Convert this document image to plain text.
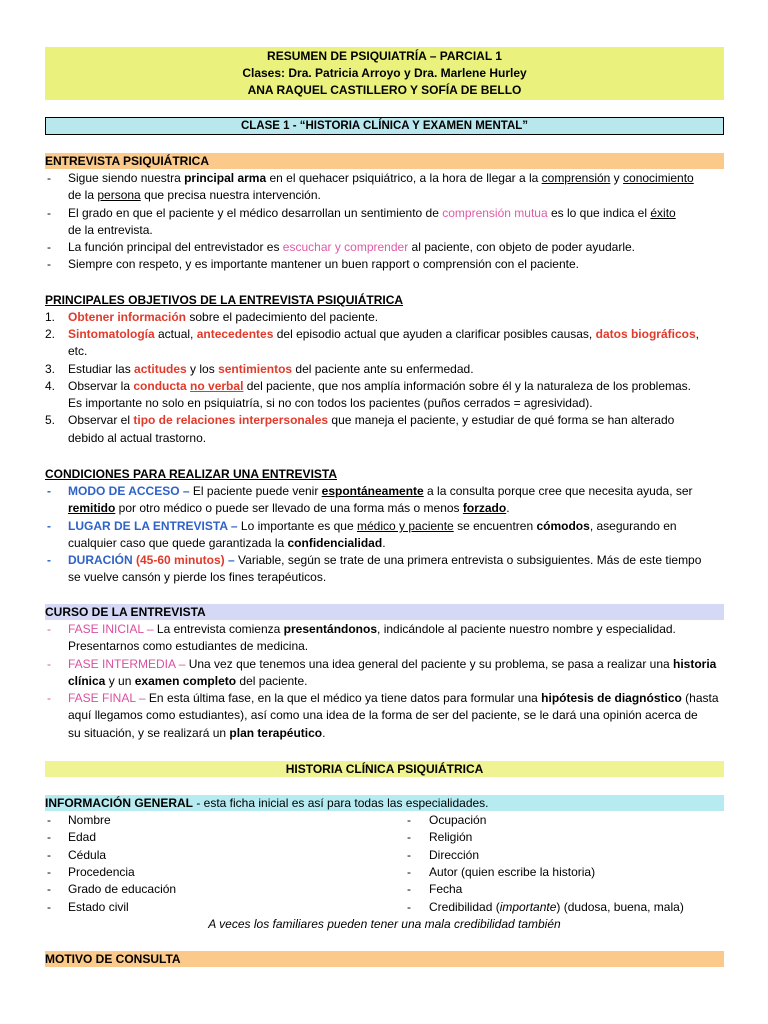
RESUMEN DE PSIQUIATRÍA – PARCIAL 1
Clases: Dra. Patricia Arroyo y Dra. Marlene Hurley
ANA RAQUEL CASTILLERO Y SOFÍA DE BELLO
CLASE 1 - “HISTORIA CLÍNICA Y EXAMEN MENTAL”
ENTREVISTA PSIQUIÁTRICA
- Sigue siendo nuestra principal arma en el quehacer psiquiátrico, a la hora de llegar a la comprensión y conocimiento
de la persona que precisa nuestra intervención.
- El grado en que el paciente y el médico desarrollan un sentimiento de comprensión mutua es lo que indica el éxito
de la entrevista.
- La función principal del entrevistador es escuchar y comprender al paciente, con objeto de poder ayudarle.
- Siempre con respeto, y es importante mantener un buen rapport o comprensión con el paciente.
PRINCIPALES OBJETIVOS DE LA ENTREVISTA PSIQUIÁTRICA
1. Obtener información sobre el padecimiento del paciente.
2. Sintomatología actual, antecedentes del episodio actual que ayuden a clarificar posibles causas, datos biográficos,
etc.
3. Estudiar las actitudes y los sentimientos del paciente ante su enfermedad.
4. Observar la conducta no verbal del paciente, que nos amplía información sobre él y la naturaleza de los problemas.
Es importante no solo en psiquiatría, si no con todos los pacientes (puños cerrados = agresividad).
5. Observar el tipo de relaciones interpersonales que maneja el paciente, y estudiar de qué forma se han alterado
debido al actual trastorno.
CONDICIONES PARA REALIZAR UNA ENTREVISTA
- MODO DE ACCESO – El paciente puede venir espontáneamente a la consulta porque cree que necesita ayuda, ser
remitido por otro médico o puede ser llevado de una forma más o menos forzado.
- LUGAR DE LA ENTREVISTA – Lo importante es que médico y paciente se encuentren cómodos, asegurando en
cualquier caso que quede garantizada la confidencialidad.
- DURACIÓN (45-60 minutos) – Variable, según se trate de una primera entrevista o subsiguientes. Más de este tiempo
se vuelve cansón y pierde los fines terapéuticos.
CURSO DE LA ENTREVISTA
- FASE INICIAL – La entrevista comienza presentándonos, indicándole al paciente nuestro nombre y especialidad.
Presentarnos como estudiantes de medicina.
- FASE INTERMEDIA – Una vez que tenemos una idea general del paciente y su problema, se pasa a realizar una historia
clínica y un examen completo del paciente.
- FASE FINAL – En esta última fase, en la que el médico ya tiene datos para formular una hipótesis de diagnóstico (hasta
aquí llegamos como estudiantes), así como una idea de la forma de ser del paciente, se le dará una opinión acerca de
su situación, y se realizará un plan terapéutico.
HISTORIA CLÍNICA PSIQUIÁTRICA
INFORMACIÓN GENERAL - esta ficha inicial es así para todas las especialidades.
- Nombre
- Edad
- Cédula
- Procedencia
- Grado de educación
- Estado civil
- Ocupación
- Religión
- Dirección
- Autor (quien escribe la historia)
- Fecha
- Credibilidad (importante) (dudosa, buena, mala)
A veces los familiares pueden tener una mala credibilidad también
MOTIVO DE CONSULTA
